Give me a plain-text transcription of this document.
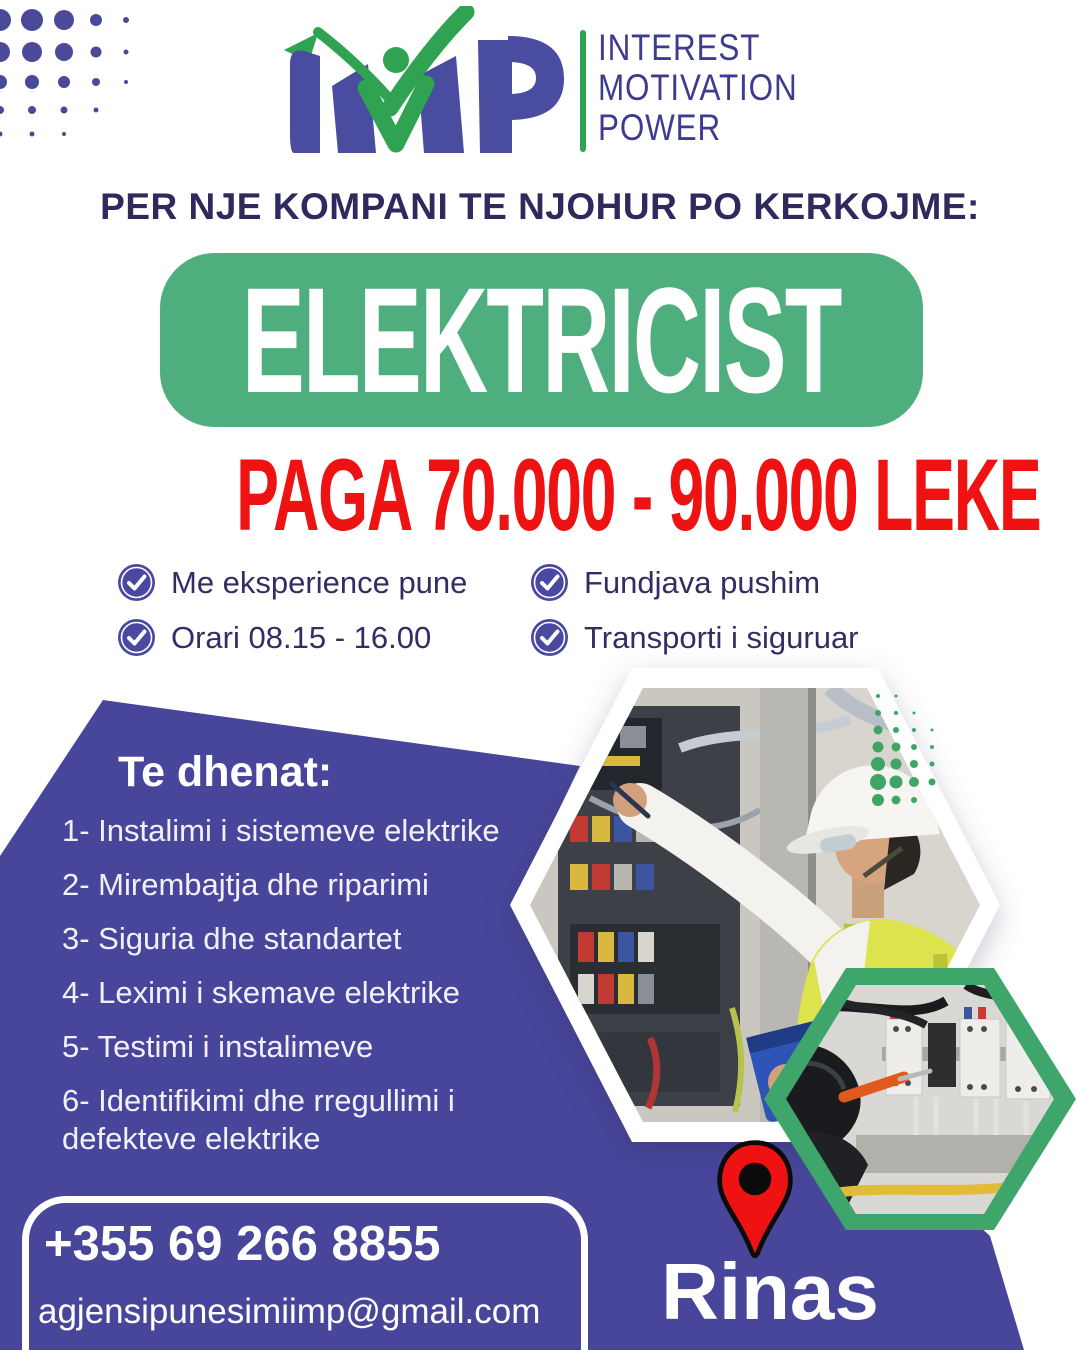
INTEREST
MOTIVATION
POWER
PER NJE KOMPANI TE NJOHUR PO KERKOJME:
ELEKTRICIST
PAGA 70.000 - 90.000 LEKE
Me eksperience pune
Orari 08.15 - 16.00
Fundjava pushim
Transporti i siguruar
Te dhenat:
1- Instalimi i sistemeve elektrike
2- Mirembajtja dhe riparimi
3- Siguria dhe standartet
4- Leximi i skemave elektrike
5- Testimi i instalimeve
6- Identifikimi dhe rregullimi i defekteve elektrike
+355 69 266 8855
agjensipunesimiimp@gmail.com	Rinas
